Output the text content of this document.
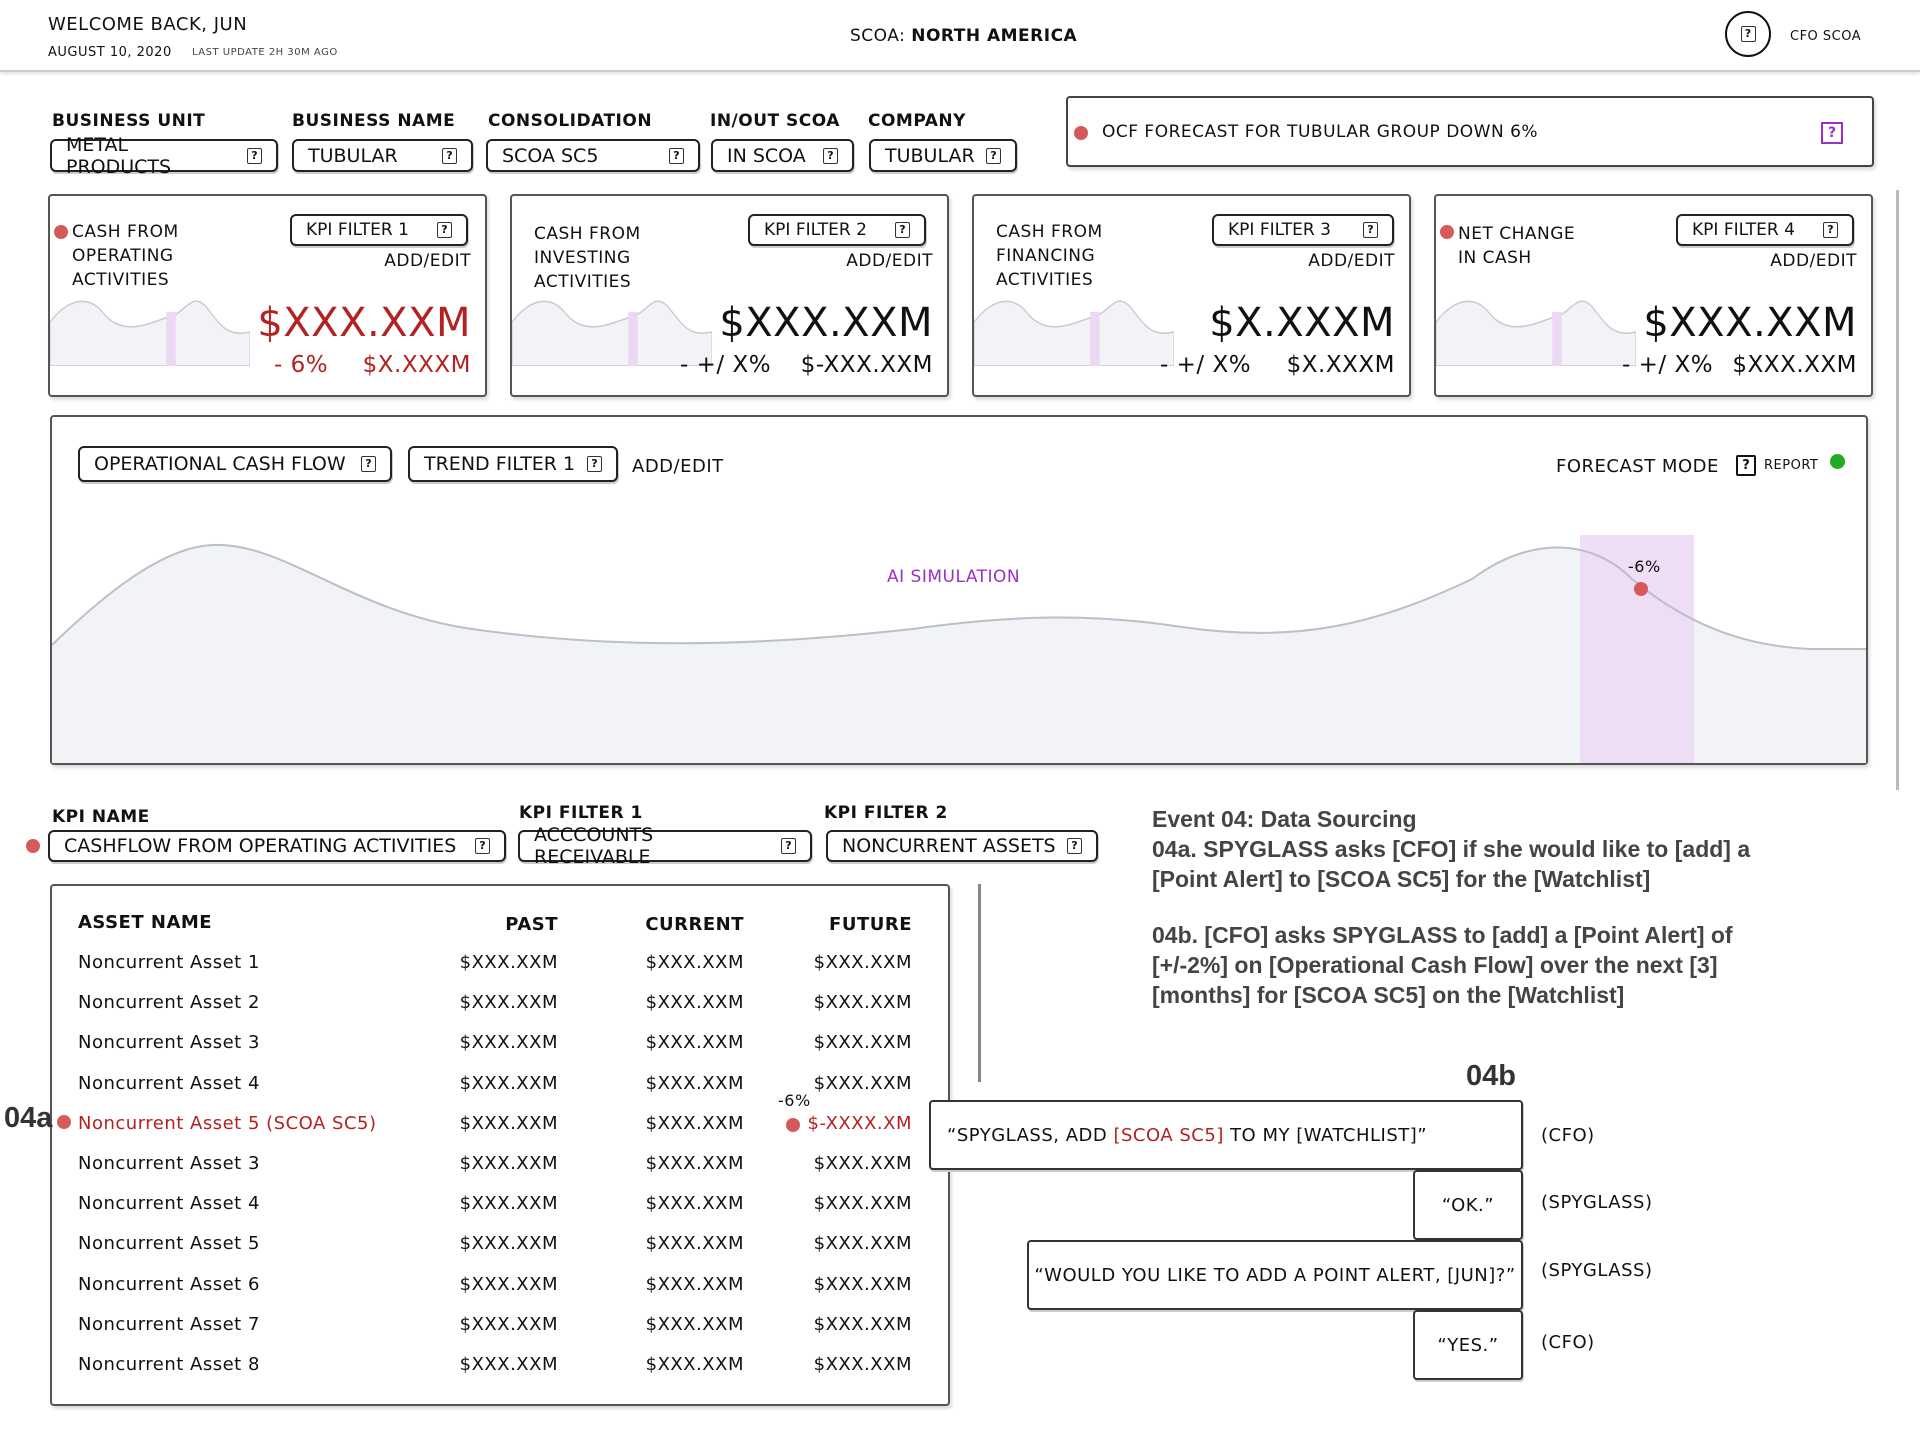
WELCOME BACK, JUN
AUGUST 10, 2020 LAST UPDATE 2H 30M AGO
SCOA: NORTH AMERICA	?	CFO SCOA
BUSINESS UNIT
METAL PRODUCTS
?
BUSINESS NAME
TUBULAR	?
CONSOLIDATION
SCOA SC5	?
IN/OUT SCOA
IN SCOA	?
COMPANY
TUBULAR	?
OCF FORECAST FOR TUBULAR GROUP DOWN 6%	?
CASH FROM
OPERATING
ACTIVITIES
KPI FILTER 1	?
ADD/EDIT
$XXX.XXM
- 6% $X.XXXM
CASH FROM
INVESTING
ACTIVITIES
KPI FILTER 2	?
ADD/EDIT
$XXX.XXM
- +/ X% $-XXX.XXM
CASH FROM
FINANCING
ACTIVITIES
KPI FILTER 3	?
ADD/EDIT
$X.XXXM
- +/ X% $X.XXXM
NET CHANGE
IN CASH
KPI FILTER 4	?
ADD/EDIT
$XXX.XXM
- +/ X% $XXX.XXM
OPERATIONAL CASH FLOW	?	TREND FILTER 1	? ADD/EDIT	FORECAST MODE	?	REPORT
AI SIMULATION
-6%
KPI NAME
CASHFLOW FROM OPERATING ACTIVITIES	?
KPI FILTER 1
ACCCOUNTS RECEIVABLE
?
KPI FILTER 2
NONCURRENT ASSETS	?
ASSET NAME	PAST	CURRENT	FUTURE
Noncurrent Asset 1	$XXX.XXM	$XXX.XXM	$XXX.XXM
Noncurrent Asset 2	$XXX.XXM	$XXX.XXM	$XXX.XXM
Noncurrent Asset 3	$XXX.XXM	$XXX.XXM	$XXX.XXM
Noncurrent Asset 4	$XXX.XXM	$XXX.XXM	$XXX.XXM
Noncurrent Asset 5 (SCOA SC5)	$XXX.XXM	$XXX.XXM	$-XXXX.XM
-6%
Noncurrent Asset 3	$XXX.XXM	$XXX.XXM	$XXX.XXM
Noncurrent Asset 4	$XXX.XXM	$XXX.XXM	$XXX.XXM
Noncurrent Asset 5	$XXX.XXM	$XXX.XXM	$XXX.XXM
Noncurrent Asset 6	$XXX.XXM	$XXX.XXM	$XXX.XXM
Noncurrent Asset 7	$XXX.XXM	$XXX.XXM	$XXX.XXM
Noncurrent Asset 8	$XXX.XXM	$XXX.XXM	$XXX.XXM
04a
04b
Event 04: Data Sourcing
04a. SPYGLASS asks [CFO] if she would like to [add] a [Point Alert] to [SCOA SC5] for the [Watchlist]
04b. [CFO] asks SPYGLASS to [add] a [Point Alert] of [+/-2%] on [Operational Cash Flow] over the next [3] [months] for [SCOA SC5] on the [Watchlist]
“SPYGLASS, ADD [SCOA SC5] TO MY [WATCHLIST]”	(CFO)
“OK.”	(SPYGLASS)
“WOULD YOU LIKE TO ADD A POINT ALERT, [JUN]?” (SPYGLASS)
“YES.” (CFO)
